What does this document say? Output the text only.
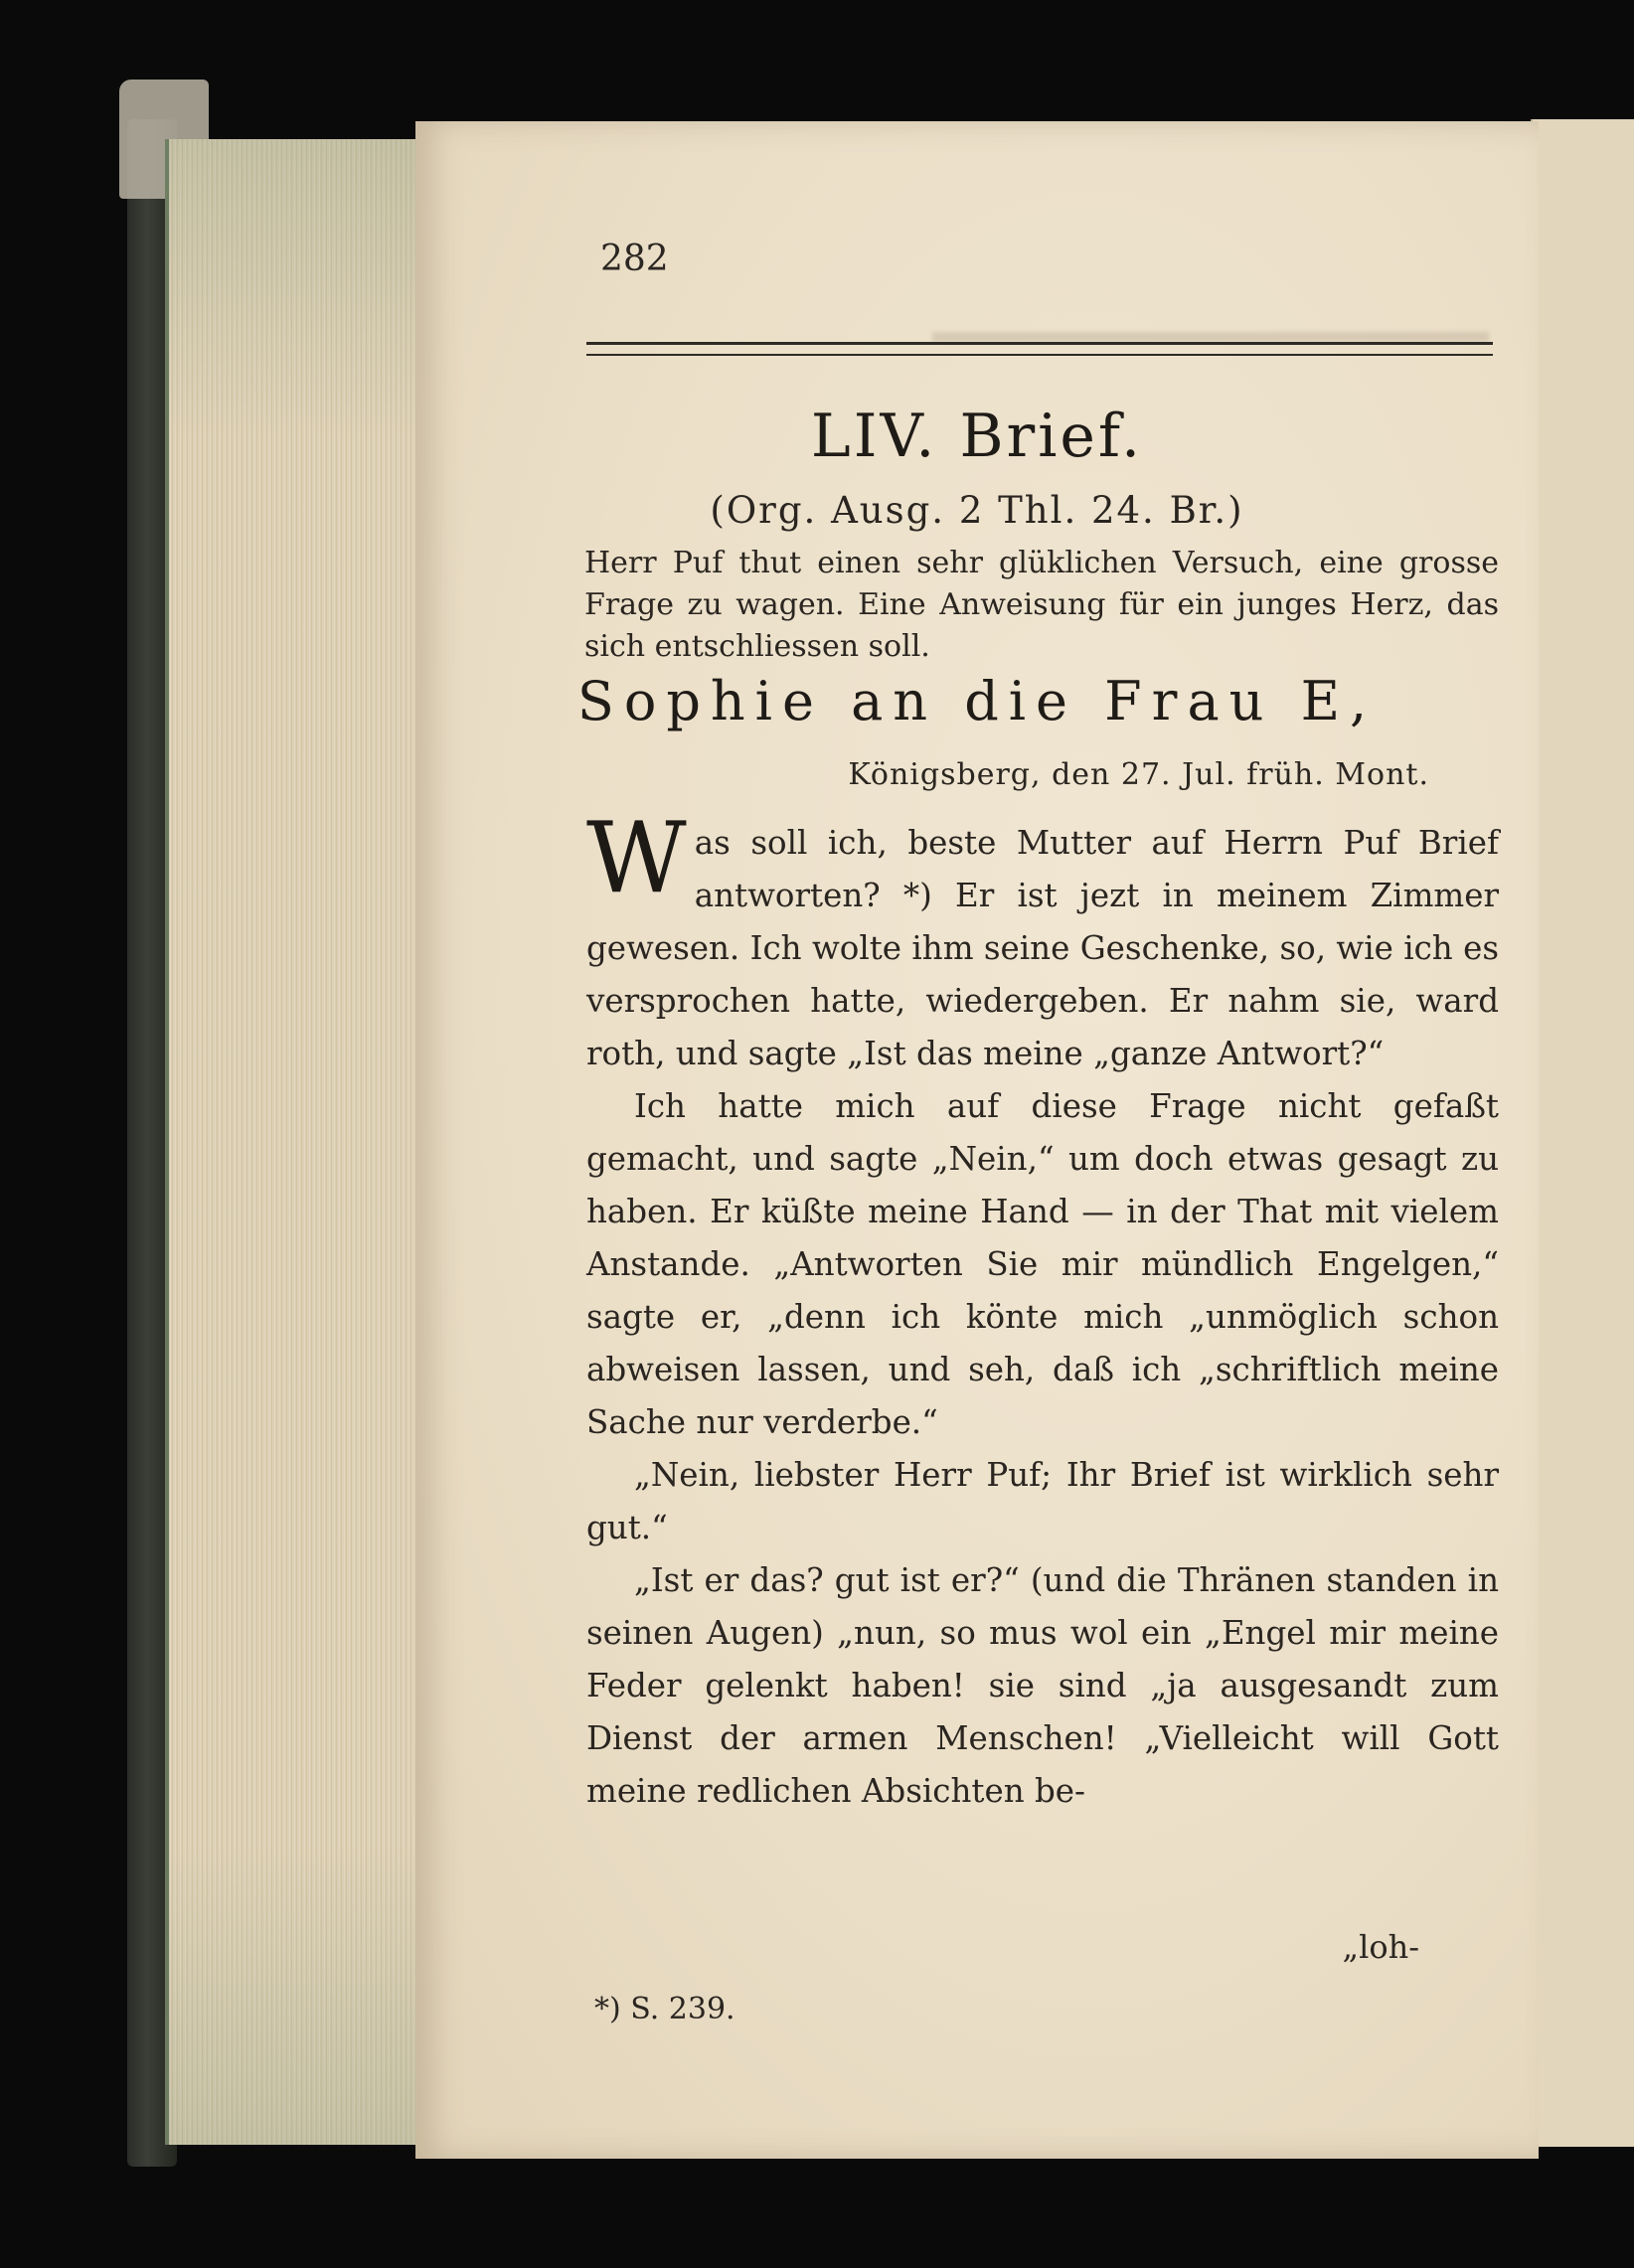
282
LIV. Brief.
(Org. Ausg. 2 Thl. 24. Br.)

Herr Puf thut einen sehr glüklichen Versuch, eine grosse Frage zu wagen. Eine Anweisung für ein junges Herz, das sich entschliessen soll.

Sophie an die Frau E,
Königsberg, den 27. Jul. früh. Mont.

Was soll ich, beste Mutter auf Herrn Puf Brief antworten? *) Er ist jezt in meinem Zimmer gewesen. Ich wolte ihm seine Geschenke, so, wie ich es versprochen hatte, wiedergeben. Er nahm sie, ward roth, und sagte „Ist das meine „ganze Antwort?“

Ich hatte mich auf diese Frage nicht gefaßt gemacht, und sagte „Nein,“ um doch etwas gesagt zu haben. Er küßte meine Hand — in der That mit vielem Anstande. „Antworten Sie mir mündlich Engelgen,“ sagte er, „denn ich könte mich „unmöglich schon abweisen lassen, und seh, daß ich „schriftlich meine Sache nur verderbe.“

„Nein, liebster Herr Puf; Ihr Brief ist wirklich sehr gut.“

„Ist er das? gut ist er?“ (und die Thränen standen in seinen Augen) „nun, so mus wol ein „Engel mir meine Feder gelenkt haben! sie sind „ja ausgesandt zum Dienst der armen Menschen! „Vielleicht will Gott meine redlichen Absichten be-

„loh-
*) S. 239.
